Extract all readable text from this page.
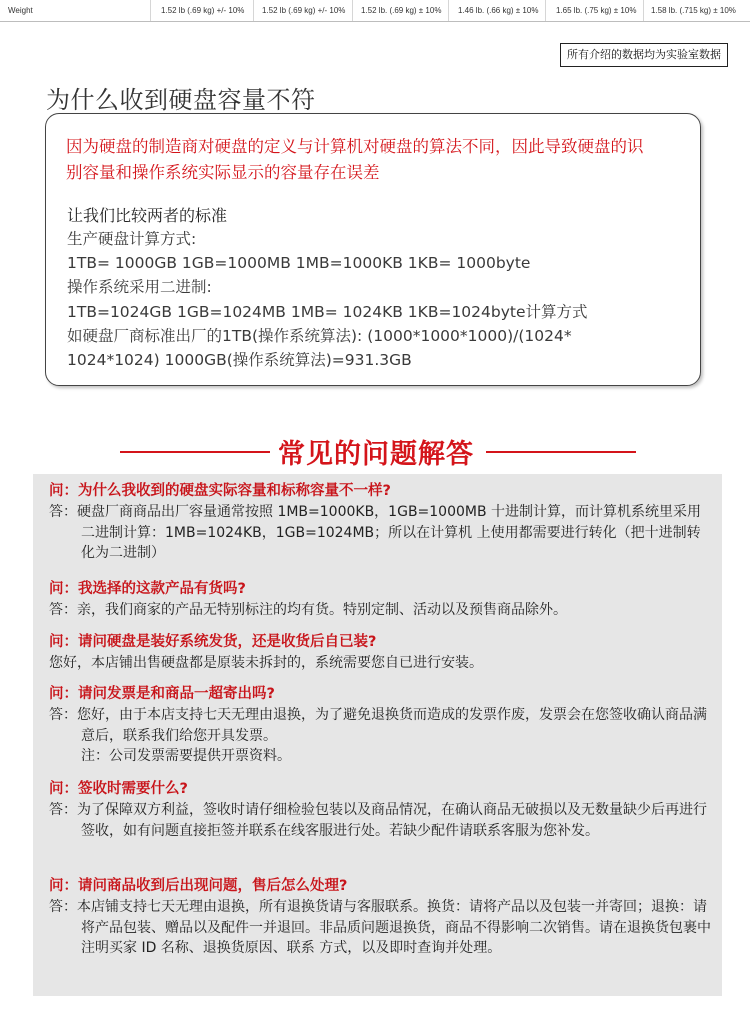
Weight	1.52 lb (.69 kg) +/- 10% 1.52 lb (.69 kg) +/- 10% 1.52 lb. (.69 kg) ± 10% 1.46 lb. (.66 kg) ± 10% 1.65 lb. (.75 kg) ± 10% 1.58 lb. (.715 kg) ± 10%
所有介绍的数据均为实验室数据
为什么收到硬盘容量不符
因为硬盘的制造商对硬盘的定义与计算机对硬盘的算法不同，因此导致硬盘的识别容量和操作系统实际显示的容量存在误差
让我们比较两者的标准
生产硬盘计算方式:
1TB= 1000GB 1GB=1000MB 1MB=1000KB 1KB= 1000byte
操作系统采用二进制:
1TB=1024GB 1GB=1024MB 1MB= 1024KB 1KB=1024byte计算方式
如硬盘厂商标准出厂的1TB(操作系统算法): (1000*1000*1000)/(1024*
1024*1024) 1000GB(操作系统算法)=931.3GB
常见的问题解答
问：为什么我收到的硬盘实际容量和标称容量不一样?
答：硬盘厂商商品出厂容量通常按照 1MB=1000KB，1GB=1000MB 十进制计算，而计算机系统里采用二进制计算：1MB=1024KB，1GB=1024MB；所以在计算机 上使用都需要进行转化（把十进制转化为二进制）
问：我选择的这款产品有货吗?
答：亲，我们商家的产品无特别标注的均有货。特别定制、活动以及预售商品除外。
问：请问硬盘是装好系统发货，还是收货后自已装?
您好，本店铺出售硬盘都是原装未拆封的，系统需要您自已进行安装。
问：请问发票是和商品一超寄出吗?
答：您好，由于本店支持七天无理由退换，为了避免退换货而造成的发票作废，发票会在您签收确认商品满意后，联系我们给您开具发票。
注：公司发票需要提供开票资料。
问：签收时需要什么?
答：为了保障双方利益，签收时请仔细检验包装以及商品情况，在确认商品无破损以及无数量缺少后再进行签收，如有问题直接拒签并联系在线客服进行处。若缺少配件请联系客服为您补发。
问：请问商品收到后出现问题，售后怎么处理?
答：本店铺支持七天无理由退换，所有退换货请与客服联系。换货：请将产品以及包装一并寄回；退换：请将产品包装、赠品以及配件一并退回。非品质问题退换货，商品不得影响二次销售。请在退换货包裹中注明买家 ID 名称、退换货原因、联系 方式，以及即时查询并处理。
